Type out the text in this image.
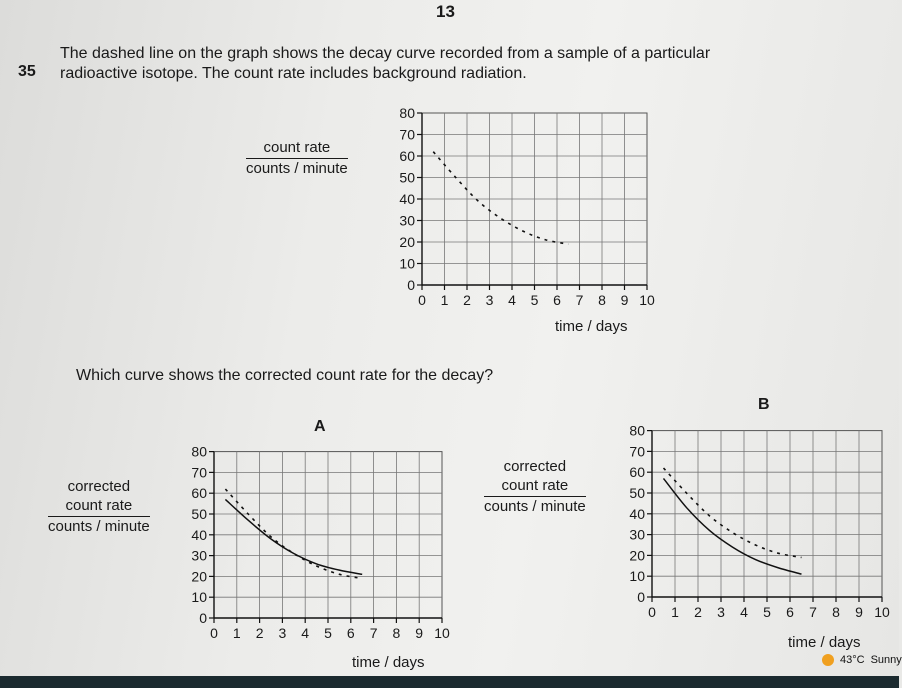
13
35
The dashed line on the graph shows the decay curve recorded from a sample of a particular
radioactive isotope. The count rate includes background radiation.
count rate
counts / minute
0
10
20
30
40
50
60
70
80
0 1 2 3 4 5 6 7 8 9 10
time / days
Which curve shows the corrected count rate for the decay?
A
corrected
count rate
counts / minute
0
10
20
30
40
50
60
70
80
0 1 2 3 4 5 6 7 8 9 10
time / days
B
corrected
count rate
counts / minute
0
10
20
30
40
50
60
70
80
0 1 2 3 4 5 6 7 8 9 10
time / days
43°C Sunny
